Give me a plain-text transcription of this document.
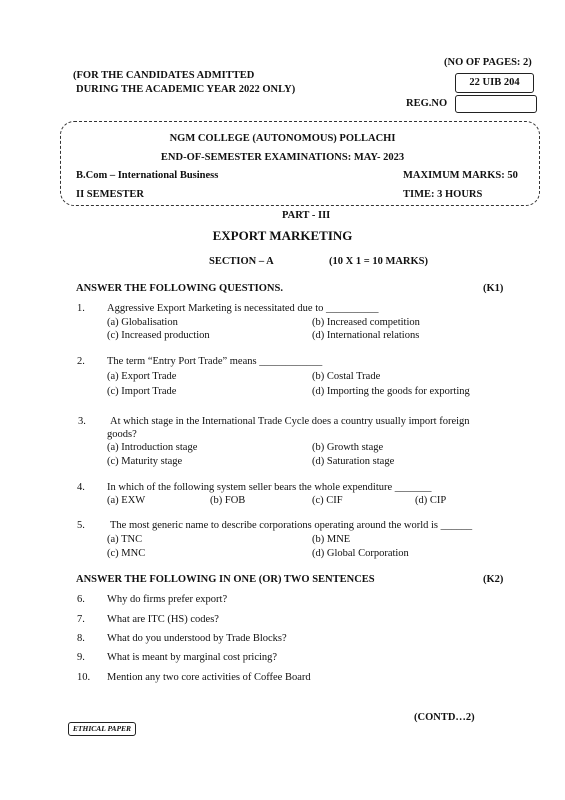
(NO OF PAGES: 2)
(FOR THE CANDIDATES ADMITTED
DURING THE ACADEMIC YEAR 2022 ONLY)
22 UIB 204
REG.NO
NGM COLLEGE (AUTONOMOUS) POLLACHI
END-OF-SEMESTER EXAMINATIONS: MAY- 2023
B.Com – International Business	MAXIMUM MARKS: 50
II SEMESTER	TIME: 3 HOURS
PART - III
EXPORT MARKETING
SECTION – A	(10 X 1 = 10 MARKS)
ANSWER THE FOLLOWING QUESTIONS.	(K1)
1. Aggressive Export Marketing is necessitated due to __________
(a) Globalisation	(b) Increased competition
(c) Increased production	(d) International relations
2. The term “Entry Port Trade” means ____________
(a) Export Trade	(b) Costal Trade
(c) Import Trade	(d) Importing the goods for exporting
3. At which stage in the International Trade Cycle does a country usually import foreign
goods?
(a) Introduction stage	(b) Growth stage
(c) Maturity stage	(d) Saturation stage
4. In which of the following system seller bears the whole expenditure _______
(a) EXW	(b) FOB	(c) CIF	(d) CIP
5. The most generic name to describe corporations operating around the world is ______
(a) TNC	(b) MNE
(c) MNC	(d) Global Corporation
ANSWER THE FOLLOWING IN ONE (OR) TWO SENTENCES	(K2)
6. Why do firms prefer export?
7. What are ITC (HS) codes?
8. What do you understood by Trade Blocks?
9. What is meant by marginal cost pricing?
10. Mention any two core activities of Coffee Board
(CONTD…2)
ETHICAL PAPER
